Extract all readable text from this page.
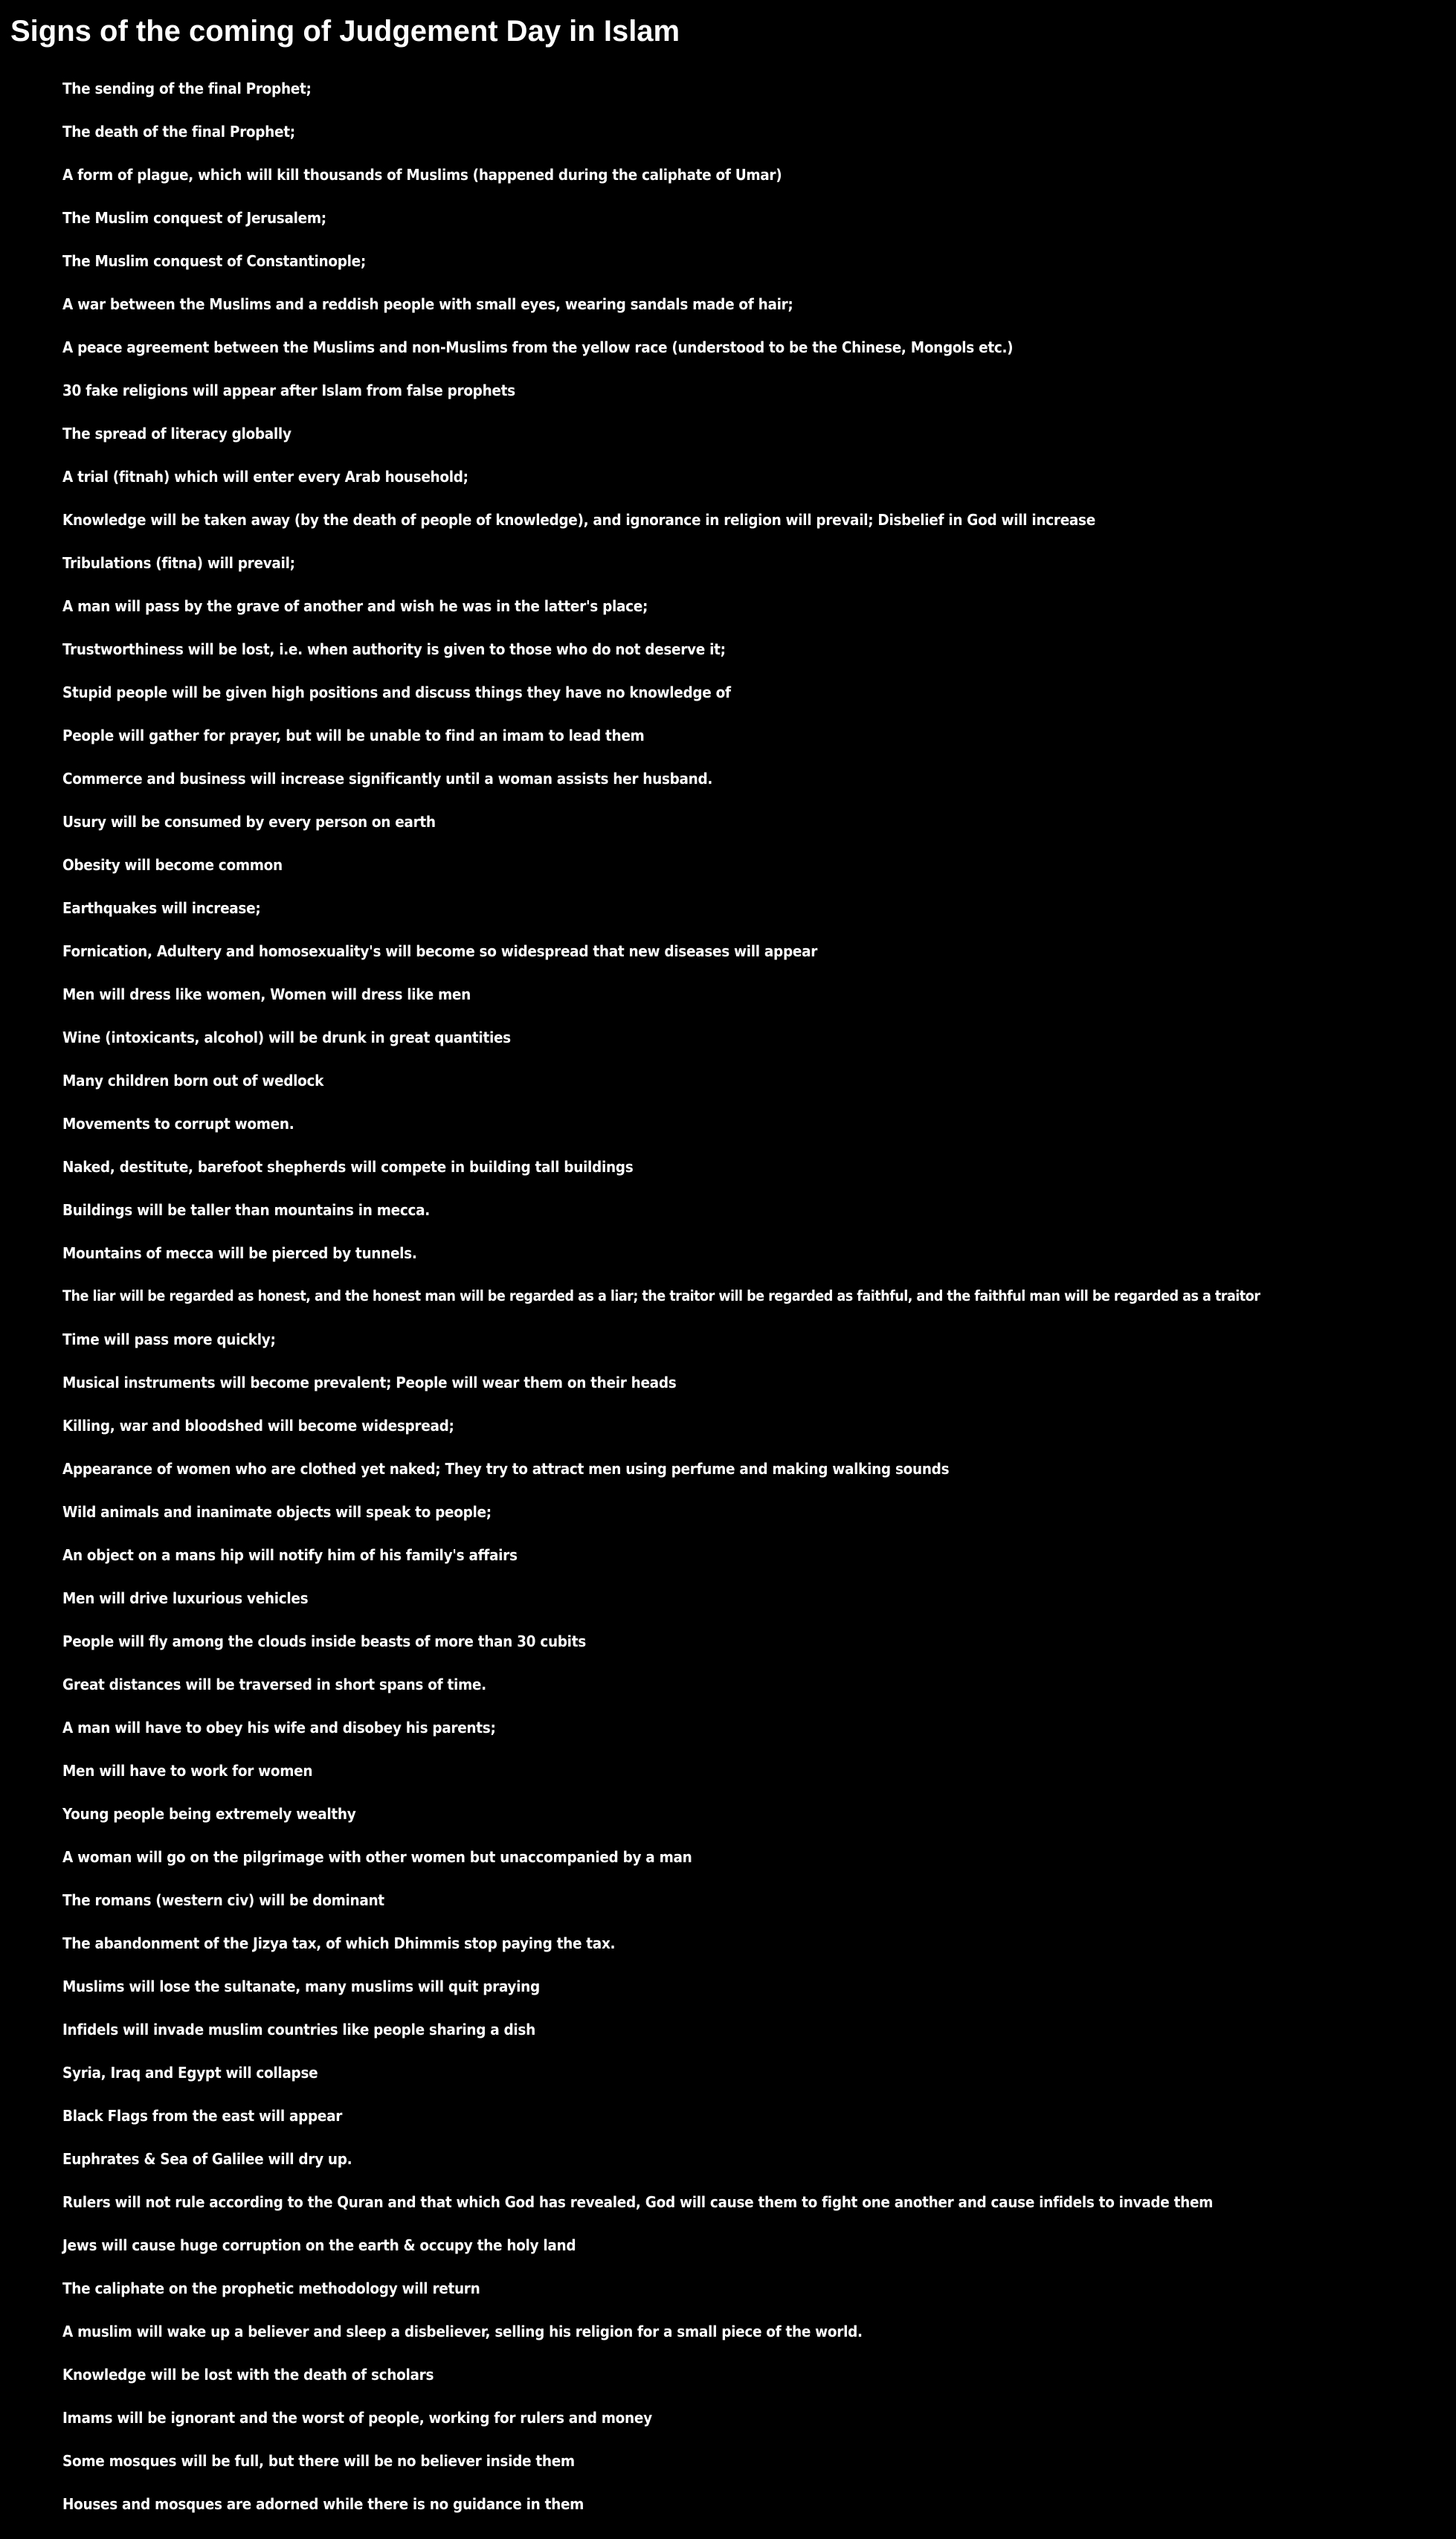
Signs of the coming of Judgement Day in Islam
The sending of the final Prophet;
The death of the final Prophet;
A form of plague, which will kill thousands of Muslims (happened during the caliphate of Umar)
The Muslim conquest of Jerusalem;
The Muslim conquest of Constantinople;
A war between the Muslims and a reddish people with small eyes, wearing sandals made of hair;
A peace agreement between the Muslims and non-Muslims from the yellow race (understood to be the Chinese, Mongols etc.)
30 fake religions will appear after Islam from false prophets
The spread of literacy globally
A trial (fitnah) which will enter every Arab household;
Knowledge will be taken away (by the death of people of knowledge), and ignorance in religion will prevail; Disbelief in God will increase
Tribulations (fitna) will prevail;
A man will pass by the grave of another and wish he was in the latter's place;
Trustworthiness will be lost, i.e. when authority is given to those who do not deserve it;
Stupid people will be given high positions and discuss things they have no knowledge of
People will gather for prayer, but will be unable to find an imam to lead them
Commerce and business will increase significantly until a woman assists her husband.
Usury will be consumed by every person on earth
Obesity will become common
Earthquakes will increase;
Fornication, Adultery and homosexuality's will become so widespread that new diseases will appear
Men will dress like women, Women will dress like men
Wine (intoxicants, alcohol) will be drunk in great quantities
Many children born out of wedlock
Movements to corrupt women.
Naked, destitute, barefoot shepherds will compete in building tall buildings
Buildings will be taller than mountains in mecca.
Mountains of mecca will be pierced by tunnels.
The liar will be regarded as honest, and the honest man will be regarded as a liar; the traitor will be regarded as faithful, and the faithful man will be regarded as a traitor
Time will pass more quickly;
Musical instruments will become prevalent; People will wear them on their heads
Killing, war and bloodshed will become widespread;
Appearance of women who are clothed yet naked; They try to attract men using perfume and making walking sounds
Wild animals and inanimate objects will speak to people;
An object on a mans hip will notify him of his family's affairs
Men will drive luxurious vehicles
People will fly among the clouds inside beasts of more than 30 cubits
Great distances will be traversed in short spans of time.
A man will have to obey his wife and disobey his parents;
Men will have to work for women
Young people being extremely wealthy
A woman will go on the pilgrimage with other women but unaccompanied by a man
The romans (western civ) will be dominant
The abandonment of the Jizya tax, of which Dhimmis stop paying the tax.
Muslims will lose the sultanate, many muslims will quit praying
Infidels will invade muslim countries like people sharing a dish
Syria, Iraq and Egypt will collapse
Black Flags from the east will appear
Euphrates & Sea of Galilee will dry up.
Rulers will not rule according to the Quran and that which God has revealed, God will cause them to fight one another and cause infidels to invade them
Jews will cause huge corruption on the earth & occupy the holy land
The caliphate on the prophetic methodology will return
A muslim will wake up a believer and sleep a disbeliever, selling his religion for a small piece of the world.
Knowledge will be lost with the death of scholars
Imams will be ignorant and the worst of people, working for rulers and money
Some mosques will be full, but there will be no believer inside them
Houses and mosques are adorned while there is no guidance in them
